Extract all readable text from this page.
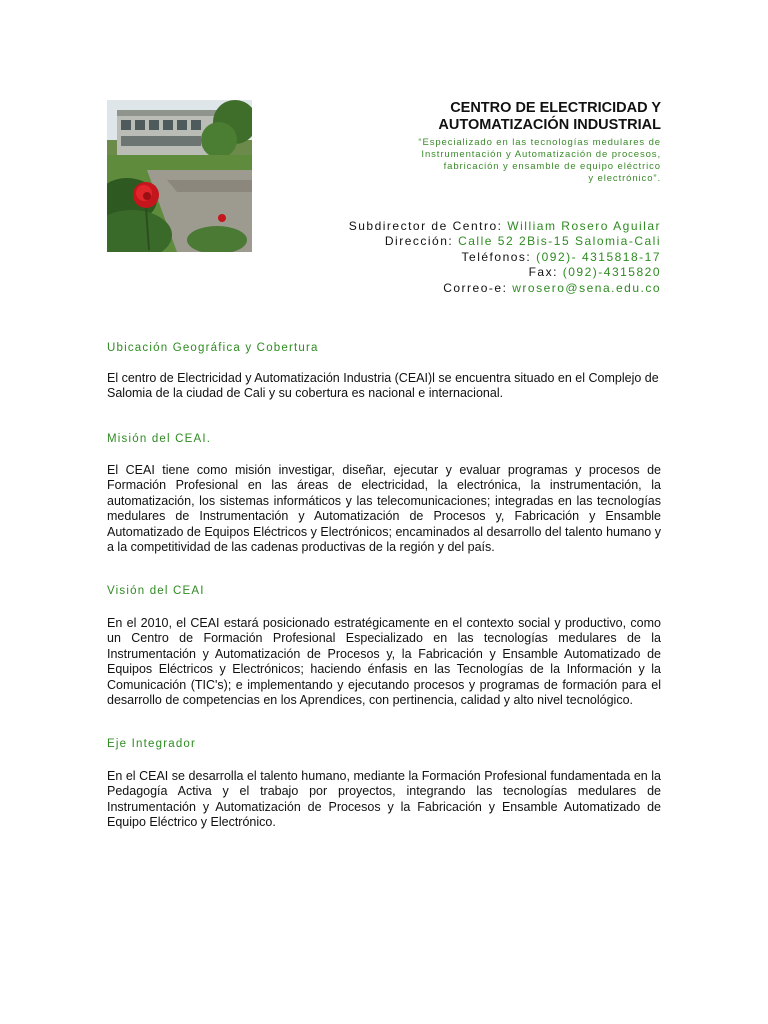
CENTRO DE ELECTRICIDAD Y
AUTOMATIZACIÓN INDUSTRIAL
“Especializado en las tecnologías medulares de
Instrumentación y Automatización de procesos,
fabricación y ensamble de equipo eléctrico
y electrónico”.
Subdirector de Centro: William Rosero Aguilar
Dirección: Calle 52 2Bis-15 Salomia-Cali
Teléfonos: (092)- 4315818-17
Fax: (092)-4315820
Correo-e: wrosero@sena.edu.co
Ubicación Geográfica y Cobertura
El centro de Electricidad y Automatización Industria (CEAI)l se encuentra situado en el Complejo de Salomia de la ciudad de Cali y su cobertura es nacional e internacional.
Misión del CEAI.
El CEAI tiene como misión investigar, diseñar, ejecutar y evaluar programas y procesos de Formación Profesional en las áreas de electricidad, la electrónica, la instrumentación, la automatización, los sistemas informáticos y las telecomunicaciones; integradas en las tecnologías medulares de Instrumentación y Automatización de Procesos y, Fabricación y Ensamble Automatizado de Equipos Eléctricos y Electrónicos; encaminados al desarrollo del talento humano y a la competitividad de las cadenas productivas de la región y del país.
Visión del CEAI
En el 2010, el CEAI estará posicionado estratégicamente en el contexto social y productivo, como un Centro de Formación Profesional Especializado en las tecnologías medulares de la Instrumentación y Automatización de Procesos y, la Fabricación y Ensamble Automatizado de Equipos Eléctricos y Electrónicos; haciendo énfasis en las Tecnologías de la Información y la Comunicación (TIC's); e implementando y ejecutando procesos y programas de formación para el desarrollo de competencias en los Aprendices, con pertinencia, calidad y alto nivel tecnológico.
Eje Integrador
En el CEAI se desarrolla el talento humano, mediante la Formación Profesional fundamentada en la Pedagogía Activa y el trabajo por proyectos, integrando las tecnologías medulares de Instrumentación y Automatización de Procesos y la Fabricación y Ensamble Automatizado de Equipo Eléctrico y Electrónico.
